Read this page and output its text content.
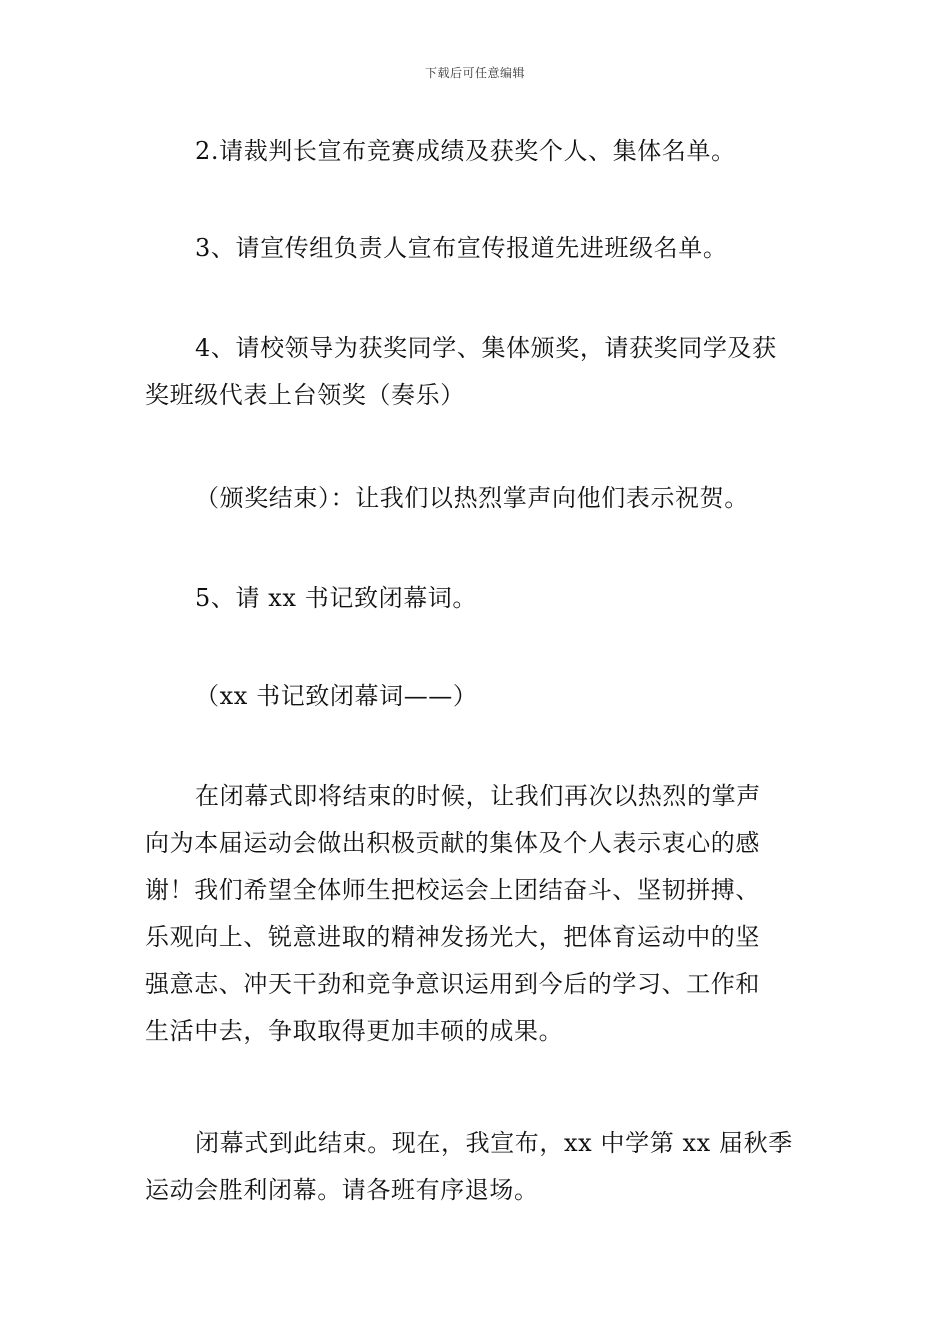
下载后可任意编辑
2.请裁判长宣布竞赛成绩及获奖个人、集体名单。
3、请宣传组负责人宣布宣传报道先进班级名单。
4、请校领导为获奖同学、集体颁奖，请获奖同学及获
奖班级代表上台领奖（奏乐）
（颁奖结束）：让我们以热烈掌声向他们表示祝贺。
5、请 xx 书记致闭幕词。
（xx 书记致闭幕词——）
在闭幕式即将结束的时候，让我们再次以热烈的掌声
向为本届运动会做出积极贡献的集体及个人表示衷心的感
谢！我们希望全体师生把校运会上团结奋斗、坚韧拼搏、
乐观向上、锐意进取的精神发扬光大，把体育运动中的坚
强意志、冲天干劲和竞争意识运用到今后的学习、工作和
生活中去，争取取得更加丰硕的成果。
闭幕式到此结束。现在，我宣布，xx 中学第 xx 届秋季
运动会胜利闭幕。请各班有序退场。
